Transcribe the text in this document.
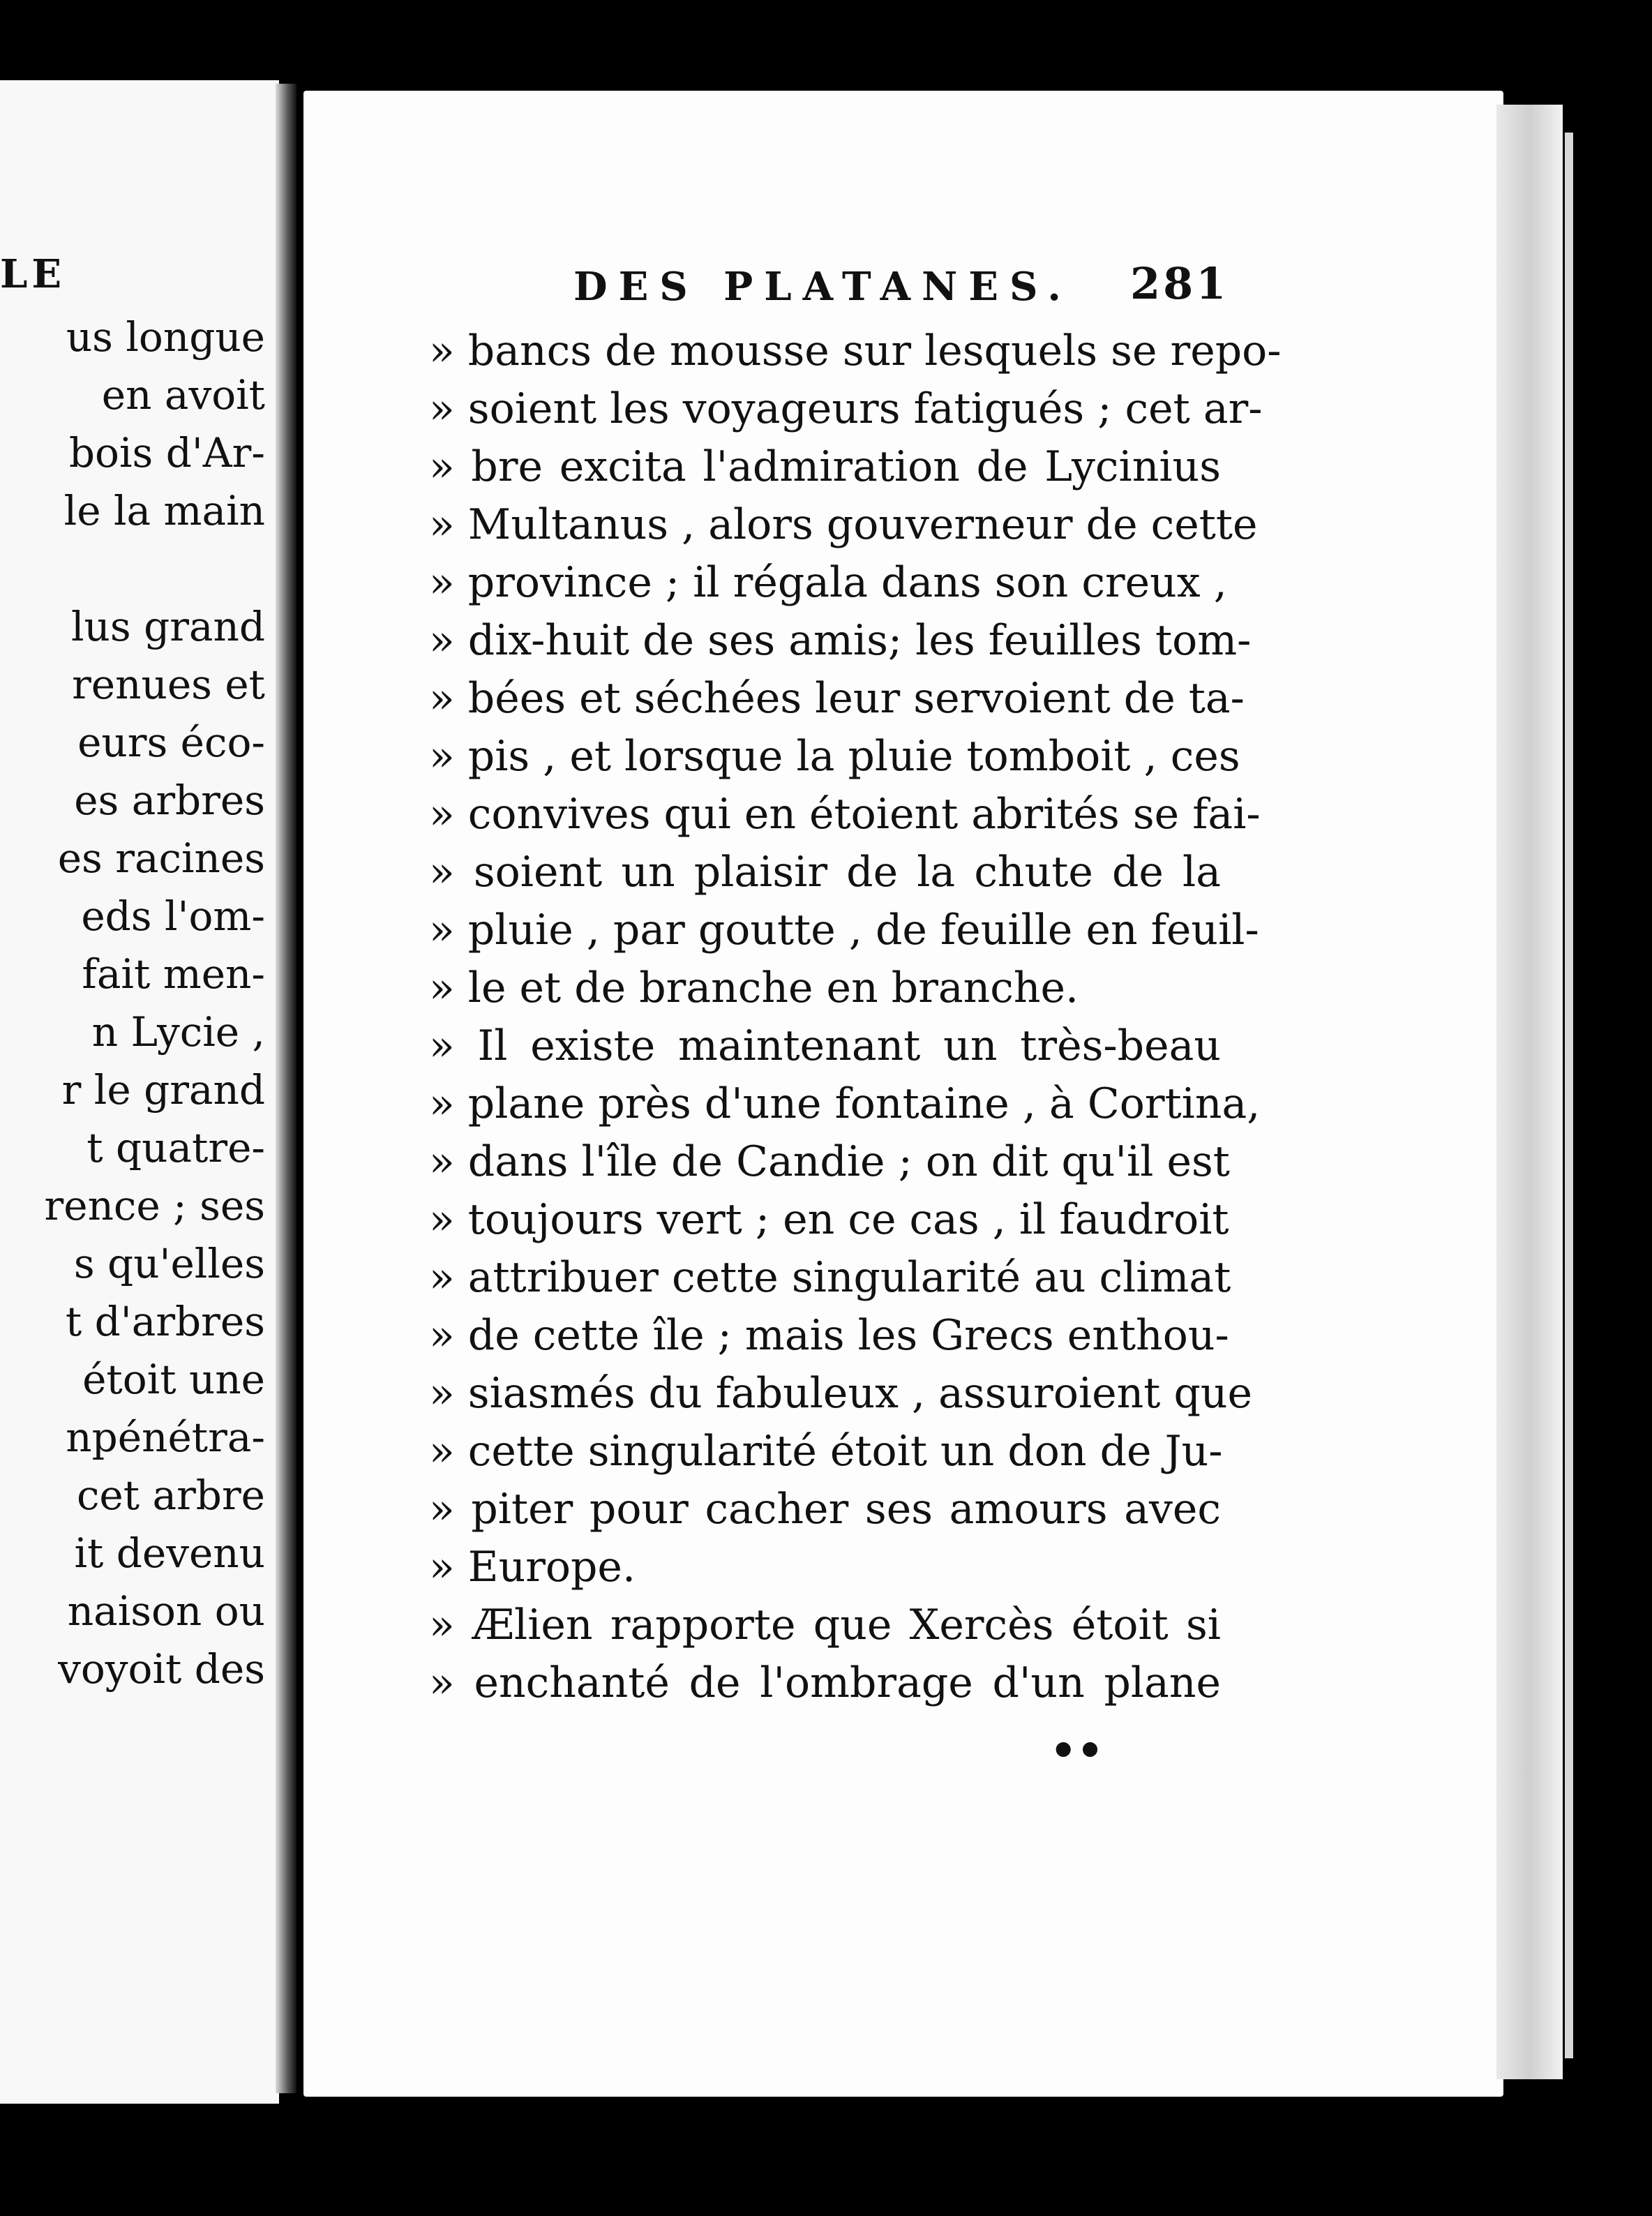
LE
us longue
en avoit
bois d'Ar-
le la main
lus grand
renues et
eurs éco-
es arbres
es racines
eds l'om-
fait men-
n Lycie ,
r le grand
t quatre-
rence ; ses
s qu'elles
t d'arbres
étoit une
npénétra-
cet arbre
it devenu
naison ou
voyoit des
DES PLATANES. 281
» bancs de mousse sur lesquels se repo-
» soient les voyageurs fatigués ; cet ar-
» bre excita l'admiration de Lycinius
» Multanus , alors gouverneur de cette
» province ; il régala dans son creux ,
» dix-huit de ses amis; les feuilles tom-
» bées et séchées leur servoient de ta-
» pis , et lorsque la pluie tomboit , ces
» convives qui en étoient abrités se fai-
» soient un plaisir de la chute de la
» pluie , par goutte , de feuille en feuil-
» le et de branche en branche.
» Il existe maintenant un très-beau
» plane près d'une fontaine , à Cortina,
» dans l'île de Candie ; on dit qu'il est
» toujours vert ; en ce cas , il faudroit
» attribuer cette singularité au climat
» de cette île ; mais les Grecs enthou-
» siasmés du fabuleux , assuroient que
» cette singularité étoit un don de Ju-
» piter pour cacher ses amours avec
» Europe.
» Ælien rapporte que Xercès étoit si
» enchanté de l'ombrage d'un plane
••
